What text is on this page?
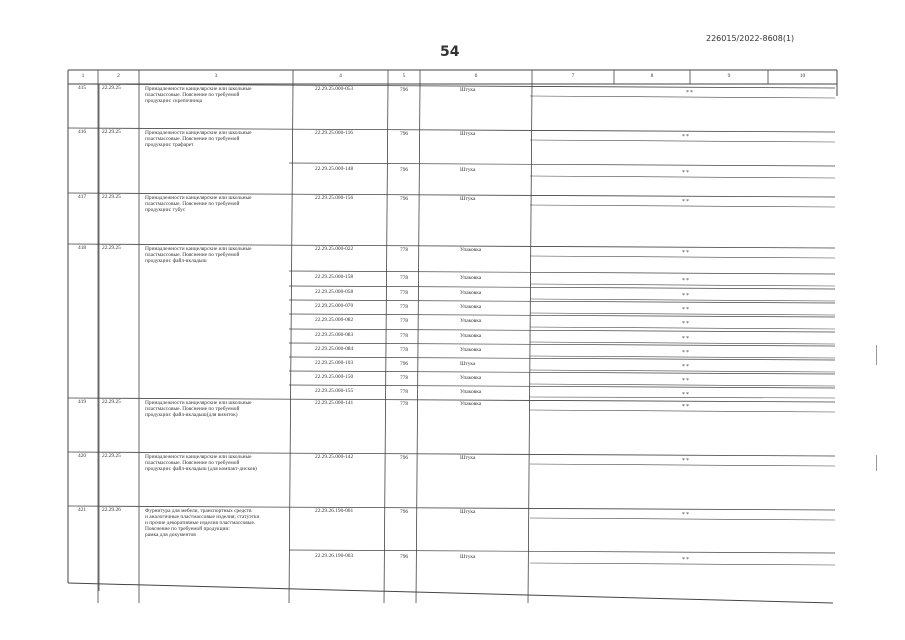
54
226015/2022-8608(1)
1	2	3	4	5	6	7	8	9	10
415	22.29.25	Принадлежности канцелярские или школьные
пластмассовые. Пояснение по требуемой
продукции: скрепочница
22.29.25.000-053	796	Штука	**
416	22.29.25	Принадлежности канцелярские или школьные
пластмассовые. Пояснение по требуемой
продукции: трафарет
22.29.25.000-116	796	Штука	**
22.29.25.000-148	796	Штука	**
417	22.29.25	Принадлежности канцелярские или школьные
пластмассовые. Пояснение по требуемой
продукции: тубус
22.29.25.000-156	796	Штука	**
418	22.29.25	Принадлежности канцелярские или школьные
пластмассовые. Пояснение по требуемой
продукции: файл-вкладыш
22.29.25.000-022	778	Упаковка	**
22.29.25.000-158	778	Упаковка	**
22.29.25.000-058	778	Упаковка	**
22.29.25.000-070	778	Упаковка	**
22.29.25.000-082	778	Упаковка	**
22.29.25.000-083	778	Упаковка	**
22.29.25.000-084	778	Упаковка	**
22.29.25.000-103	796	Штука	**
22.29.25.000-150	778	Упаковка	**
22.29.25.000-155	778	Упаковка	**
419	22.29.25	Принадлежности канцелярские или школьные
пластмассовые. Пояснение по требуемой
продукции: файл-вкладыш(для визиток)
22.29.25.000-141	778	Упаковка	**
420	22.29.25	Принадлежности канцелярские или школьные
пластмассовые. Пояснение по требуемой
продукции: файл-вкладыш (для компакт-дисков)
22.29.25.000-142	796	Штука	**
421	22.29.26	Фурнитура для мебели, транспортных средств
и аналогичные пластмассовые изделия; статуэтки
и прочие декоративные изделия пластмассовые.
Пояснение по требуемой продукции:
рамка для документов
22.29.26.190-001	796	Штука	**
22.29.26.190-003	796	Штука	**
